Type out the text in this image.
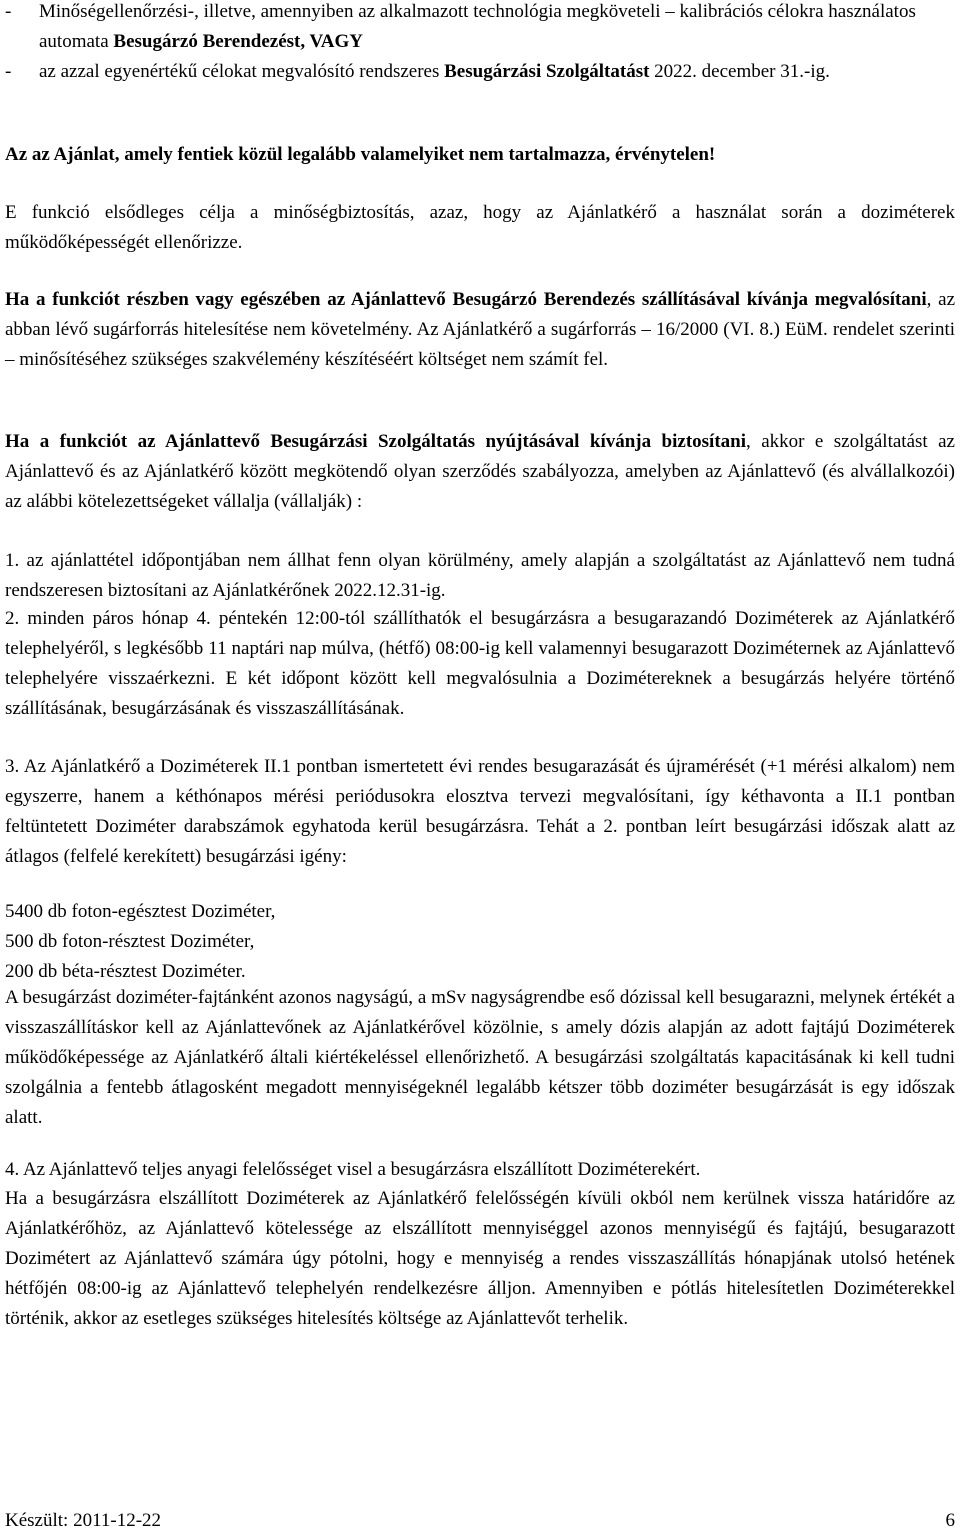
-	Minőségellenőrzési-, illetve, amennyiben az alkalmazott technológia megköveteli – kalibrációs célokra használatos automata Besugárzó Berendezést, VAGY
-	az azzal egyenértékű célokat megvalósító rendszeres Besugárzási Szolgáltatást 2022. december 31.-ig.

Az az Ajánlat, amely fentiek közül legalább valamelyiket nem tartalmazza, érvénytelen!

E funkció elsődleges célja a minőségbiztosítás, azaz, hogy az Ajánlatkérő a használat során a doziméterek működőképességét ellenőrizze.

Ha a funkciót részben vagy egészében az Ajánlattevő Besugárzó Berendezés szállításával kívánja megvalósítani, az abban lévő sugárforrás hitelesítése nem követelmény. Az Ajánlatkérő a sugárforrás – 16/2000 (VI. 8.) EüM. rendelet szerinti – minősítéséhez szükséges szakvélemény készítéséért költséget nem számít fel.

Ha a funkciót az Ajánlattevő Besugárzási Szolgáltatás nyújtásával kívánja biztosítani, akkor e szolgáltatást az Ajánlattevő és az Ajánlatkérő között megkötendő olyan szerződés szabályozza, amelyben az Ajánlattevő (és alvállalkozói) az alábbi kötelezettségeket vállalja (vállalják) :

1. az ajánlattétel időpontjában nem állhat fenn olyan körülmény, amely alapján a szolgáltatást az Ajánlattevő nem tudná rendszeresen biztosítani az Ajánlatkérőnek 2022.12.31-ig.

2. minden páros hónap 4. péntekén 12:00-tól szállíthatók el besugárzásra a besugarazandó Doziméterek az Ajánlatkérő telephelyéről, s legkésőbb 11 naptári nap múlva, (hétfő) 08:00-ig kell valamennyi besugarazott Doziméternek az Ajánlattevő telephelyére visszaérkezni. E két időpont között kell megvalósulnia a Dozimétereknek a besugárzás helyére történő szállításának, besugárzásának és visszaszállításának.

3. Az Ajánlatkérő a Doziméterek II.1 pontban ismertetett évi rendes besugarazását és újramérését (+1 mérési alkalom) nem egyszerre, hanem a kéthónapos mérési periódusokra elosztva tervezi megvalósítani, így kéthavonta a II.1 pontban feltüntetett Doziméter darabszámok egyhatoda kerül besugárzásra. Tehát a 2. pontban leírt besugárzási időszak alatt az átlagos (felfelé kerekített) besugárzási igény:

5400 db foton-egésztest Doziméter,
500 db foton-résztest Doziméter,
200 db béta-résztest Doziméter.

A besugárzást doziméter-fajtánként azonos nagyságú, a mSv nagyságrendbe eső dózissal kell besugarazni, melynek értékét a visszaszállításkor kell az Ajánlattevőnek az Ajánlatkérővel közölnie, s amely dózis alapján az adott fajtájú Doziméterek működőképessége az Ajánlatkérő általi kiértékeléssel ellenőrizhető. A besugárzási szolgáltatás kapacitásának ki kell tudni szolgálnia a fentebb átlagosként megadott mennyiségeknél legalább kétszer több doziméter besugárzását is egy időszak alatt.

4. Az Ajánlattevő teljes anyagi felelősséget visel a besugárzásra elszállított Doziméterekért.

Ha a besugárzásra elszállított Doziméterek az Ajánlatkérő felelősségén kívüli okból nem kerülnek vissza határidőre az Ajánlatkérőhöz, az Ajánlattevő kötelessége az elszállított mennyiséggel azonos mennyiségű és fajtájú, besugarazott Dozimétert az Ajánlattevő számára úgy pótolni, hogy e mennyiség a rendes visszaszállítás hónapjának utolsó hetének hétfőjén 08:00-ig az Ajánlattevő telephelyén rendelkezésre álljon. Amennyiben e pótlás hitelesítetlen Doziméterekkel történik, akkor az esetleges szükséges hitelesítés költsége az Ajánlattevőt terhelik.

Készült: 2011-12-22	6
